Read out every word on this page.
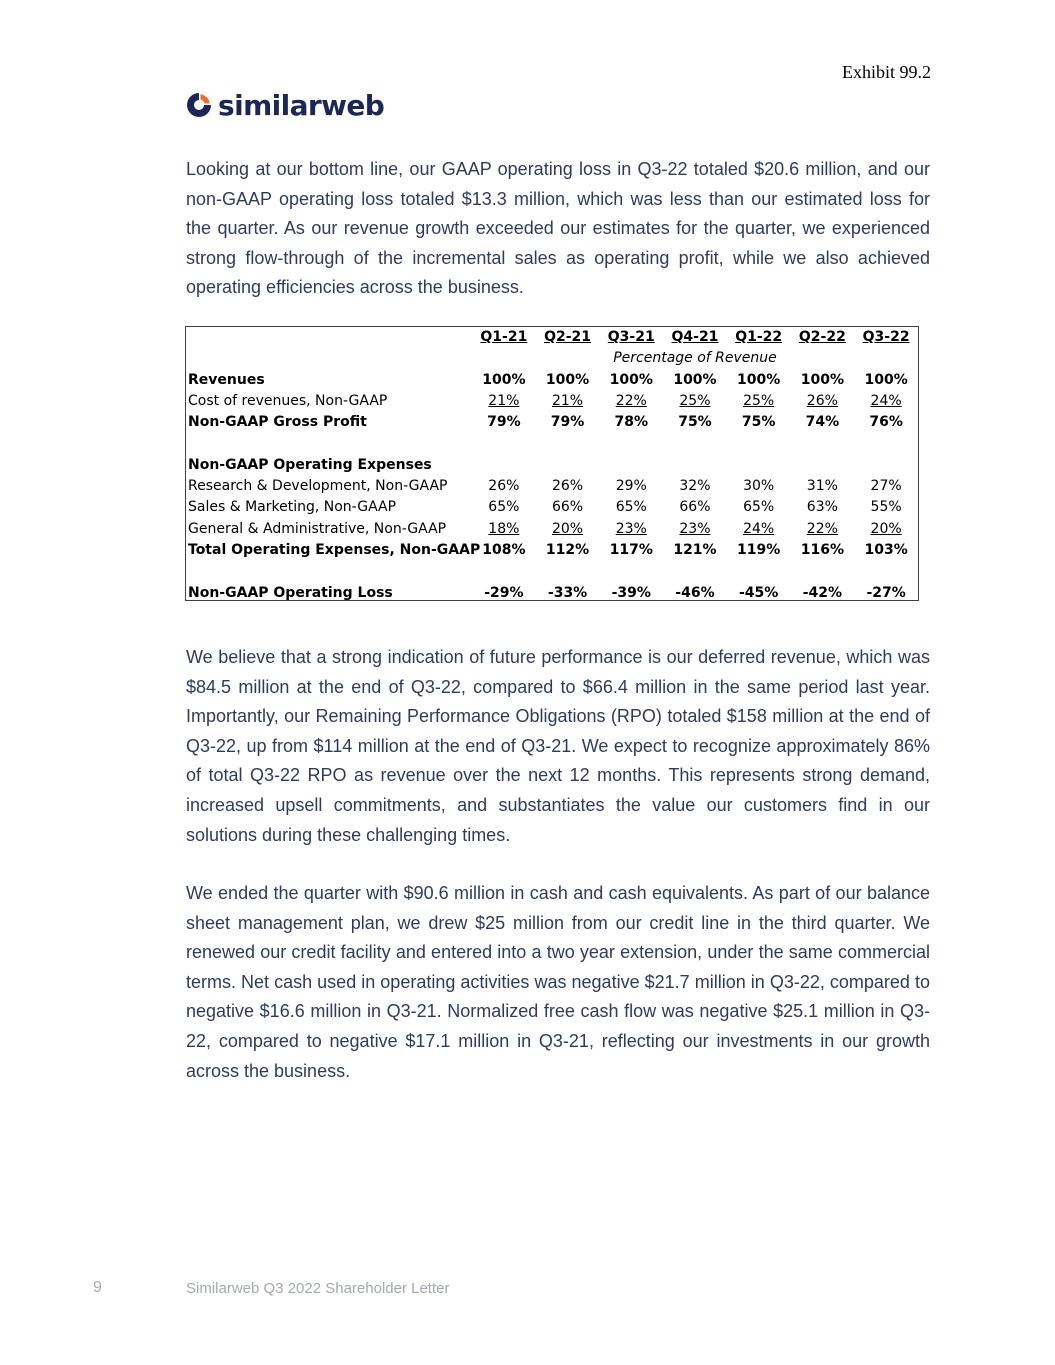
Exhibit 99.2
similarweb

Looking at our bottom line, our GAAP operating loss in Q3-22 totaled $20.6 million, and our non-GAAP operating loss totaled $13.3 million, which was less than our estimated loss for the quarter. As our revenue growth exceeded our estimates for the quarter, we experienced strong flow-through of the incremental sales as operating profit, while we also achieved operating efficiencies across the business.

	Q1-21	Q2-21	Q3-21	Q4-21	Q1-22	Q2-22	Q3-22
	Percentage of Revenue						
Revenues	100%	100%	100%	100%	100%	100%	100%
Cost of revenues, Non-GAAP	21%	21%	22%	25%	25%	26%	24%
Non-GAAP Gross Profit	79%	79%	78%	75%	75%	74%	76%

Non-GAAP Operating Expenses							
Research & Development, Non-GAAP	26%	26%	29%	32%	30%	31%	27%
Sales & Marketing, Non-GAAP	65%	66%	65%	66%	65%	63%	55%
General & Administrative, Non-GAAP	18%	20%	23%	23%	24%	22%	20%
Total Operating Expenses, Non-GAAP	108%	112%	117%	121%	119%	116%	103%

Non-GAAP Operating Loss	-29%	-33%	-39%	-46%	-45%	-42%	-27%

We believe that a strong indication of future performance is our deferred revenue, which was $84.5 million at the end of Q3-22, compared to $66.4 million in the same period last year. Importantly, our Remaining Performance Obligations (RPO) totaled $158 million at the end of Q3-22, up from $114 million at the end of Q3-21. We expect to recognize approximately 86% of total Q3-22 RPO as revenue over the next 12 months. This represents strong demand, increased upsell commitments, and substantiates the value our customers find in our solutions during these challenging times.

We ended the quarter with $90.6 million in cash and cash equivalents. As part of our balance sheet management plan, we drew $25 million from our credit line in the third quarter. We renewed our credit facility and entered into a two year extension, under the same commercial terms. Net cash used in operating activities was negative $21.7 million in Q3-22, compared to negative $16.6 million in Q3-21. Normalized free cash flow was negative $25.1 million in Q3-22, compared to negative $17.1 million in Q3-21, reflecting our investments in our growth across the business.

9	Similarweb Q3 2022 Shareholder Letter
